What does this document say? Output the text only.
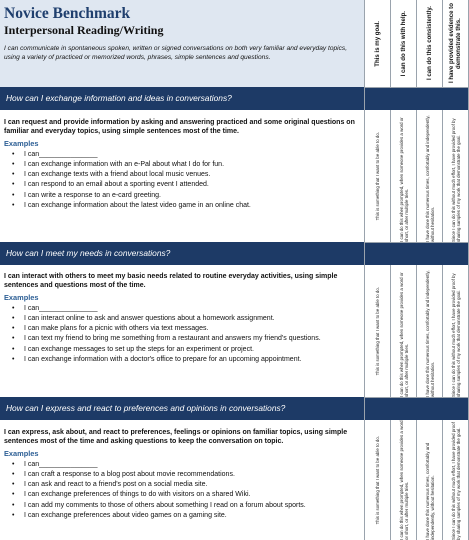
Novice Benchmark
Interpersonal Reading/Writing
I can communicate in spontaneous spoken, written or signed conversations on both very familiar and everyday topics, using a variety of practiced or memorized words, phrases, simple sentences and questions.
How can I exchange information and ideas in conversations?
I can request and provide information by asking and answering practiced and some original questions on familiar and everyday topics, using simple sentences most of the time.
Examples
• I can_______________
• I can exchange information with an e-Pal about what I do for fun.
• I can exchange texts with a friend about local music venues.
• I can respond to an email about a sporting event I attended.
• I can write a response to an e-card greeting.
• I can exchange information about the latest video game in an online chat.
How can I meet my needs in conversations?
I can interact with others to meet my basic needs related to routine everyday activities, using simple sentences and questions most of the time.
Examples
• I can_______________
• I can interact online to ask and answer questions about a homework assignment.
• I can make plans for a picnic with others via text messages.
• I can text my friend to bring me something from a restaurant and answers my friend's questions.
• I can exchange messages to set up the steps for an experiment or project.
• I can exchange information with a doctor's office to prepare for an upcoming appointment.
How can I express and react to preferences and opinions in conversations?
I can express, ask about, and react to preferences, feelings or opinions on familiar topics, using simple sentences most of the time and asking questions to keep the conversation on topic.
Examples
• I can_______________
• I can craft a response to a blog post about movie recommendations.
• I can ask and react to a friend's post on a social media site.
• I can exchange preferences of things to do with visitors on a shared Wiki.
• I can add my comments to those of others about something I read on a forum about sports.
• I can exchange preferences about video games on a gaming site.
This is my goal.
This is something that I want to be able to do.
This is something that I want to be able to do.
This is something that I want to be able to do.
I can do this with help.
I can do this when prompted, when someone provides a word or short, or after multiple tries.
I can do this when prompted, when someone provides a word or short, or after multiple tries.
I can do this when prompted, when someone provides a word or short, or after multiple tries.
I can do this consistently.
I have done this numerous times, comfortably and independently, without hesitation.
I have done this numerous times, comfortably and independently, without hesitation.
I have done this numerous times, comfortably and independently, without hesitation.
I have provided evidence to demonstrate this.
Since I can do this without much effort, I have provided proof by sharing samples of my work that demonstrate the goal.
Since I can do this without much effort, I have provided proof by sharing samples of my work that demonstrate the goal.
Since I can do this without much effort, I have provided proof by sharing samples of my work that demonstrate the goal.
